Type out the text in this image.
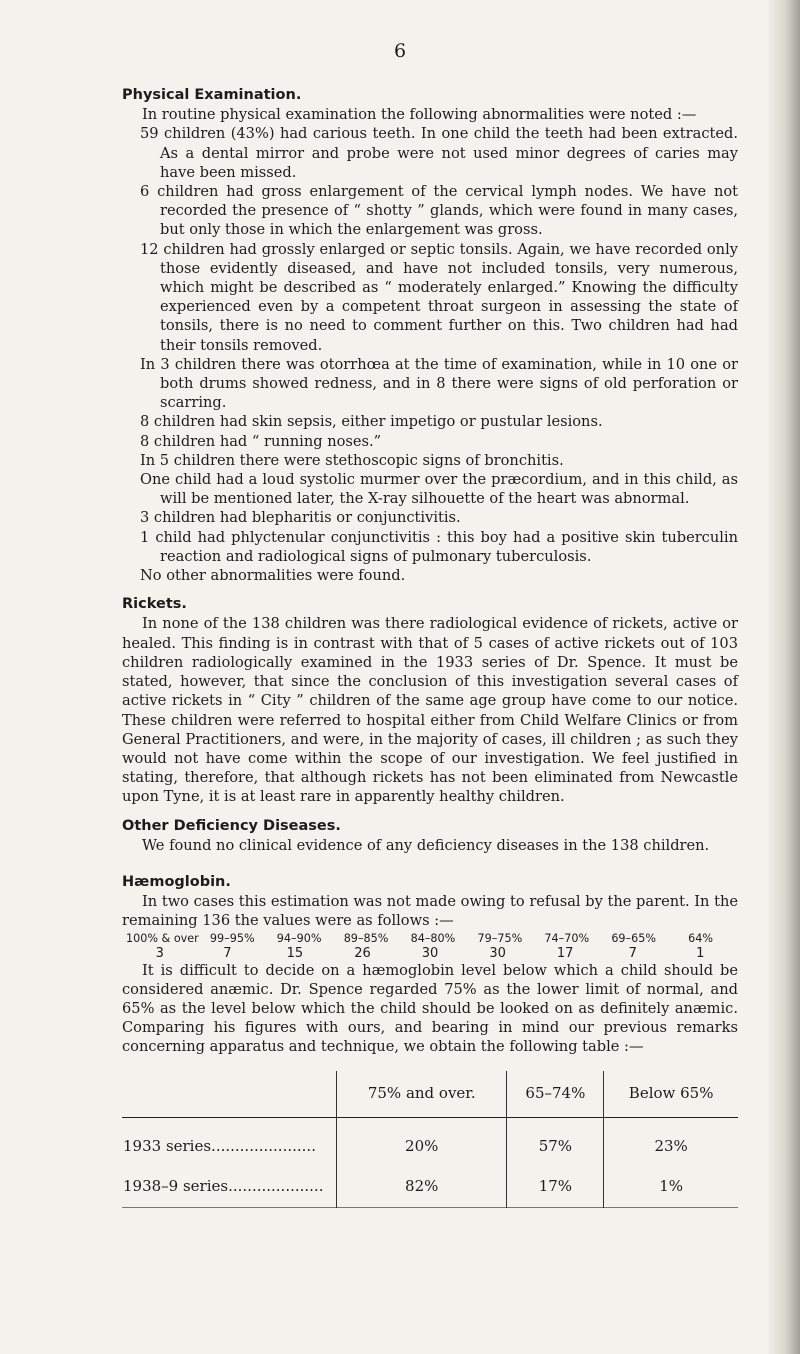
6
Physical Examination.

In routine physical examination the following abnormalities were noted :—

59 children (43%) had carious teeth. In one child the teeth had been extracted. As a dental mirror and probe were not used minor degrees of caries may have been missed.

6 children had gross enlargement of the cervical lymph nodes. We have not recorded the presence of “ shotty ” glands, which were found in many cases, but only those in which the enlargement was gross.

12 children had grossly enlarged or septic tonsils. Again, we have recorded only those evidently diseased, and have not included tonsils, very numerous, which might be described as “ moderately enlarged.” Knowing the difficulty experienced even by a competent throat surgeon in assessing the state of tonsils, there is no need to comment further on this. Two children had had their tonsils removed.

In 3 children there was otorrhœa at the time of examination, while in 10 one or both drums showed redness, and in 8 there were signs of old perforation or scarring.

8 children had skin sepsis, either impetigo or pustular lesions.

8 children had “ running noses.”

In 5 children there were stethoscopic signs of bronchitis.

One child had a loud systolic murmer over the præcordium, and in this child, as will be mentioned later, the X-ray silhouette of the heart was abnormal.

3 children had blepharitis or conjunctivitis.

1 child had phlyctenular conjunctivitis : this boy had a positive skin tuberculin reaction and radiological signs of pulmonary tuberculosis.

No other abnormalities were found.

Rickets.

In none of the 138 children was there radiological evidence of rickets, active or healed. This finding is in contrast with that of 5 cases of active rickets out of 103 children radiologically examined in the 1933 series of Dr. Spence. It must be stated, however, that since the conclusion of this investigation several cases of active rickets in “ City ” children of the same age group have come to our notice. These children were referred to hospital either from Child Welfare Clinics or from General Practitioners, and were, in the majority of cases, ill children ; as such they would not have come within the scope of our investigation. We feel justified in stating, therefore, that although rickets has not been eliminated from Newcastle upon Tyne, it is at least rare in apparently healthy children.

Other Deficiency Diseases.

We found no clinical evidence of any deficiency diseases in the 138 children.

Hæmoglobin.

In two cases this estimation was not made owing to refusal by the parent. In the remaining 136 the values were as follows :—

100% & over 99–95%	94–90%	89–85%	84–80%	79–75%	74–70%	69–65%	64%
3	7	15	26	30	30	17	7	1

It is difficult to decide on a hæmoglobin level below which a child should be considered anæmic. Dr. Spence regarded 75% as the lower limit of normal, and 65% as the level below which the child should be looked on as definitely anæmic. Comparing his figures with ours, and bearing in mind our previous remarks concerning apparatus and technique, we obtain the following table :—

	75% and over.	65–74%	Below 65%
1933 series......................	20%	57%	23%
1938–9 series....................	82%	17%	1%
